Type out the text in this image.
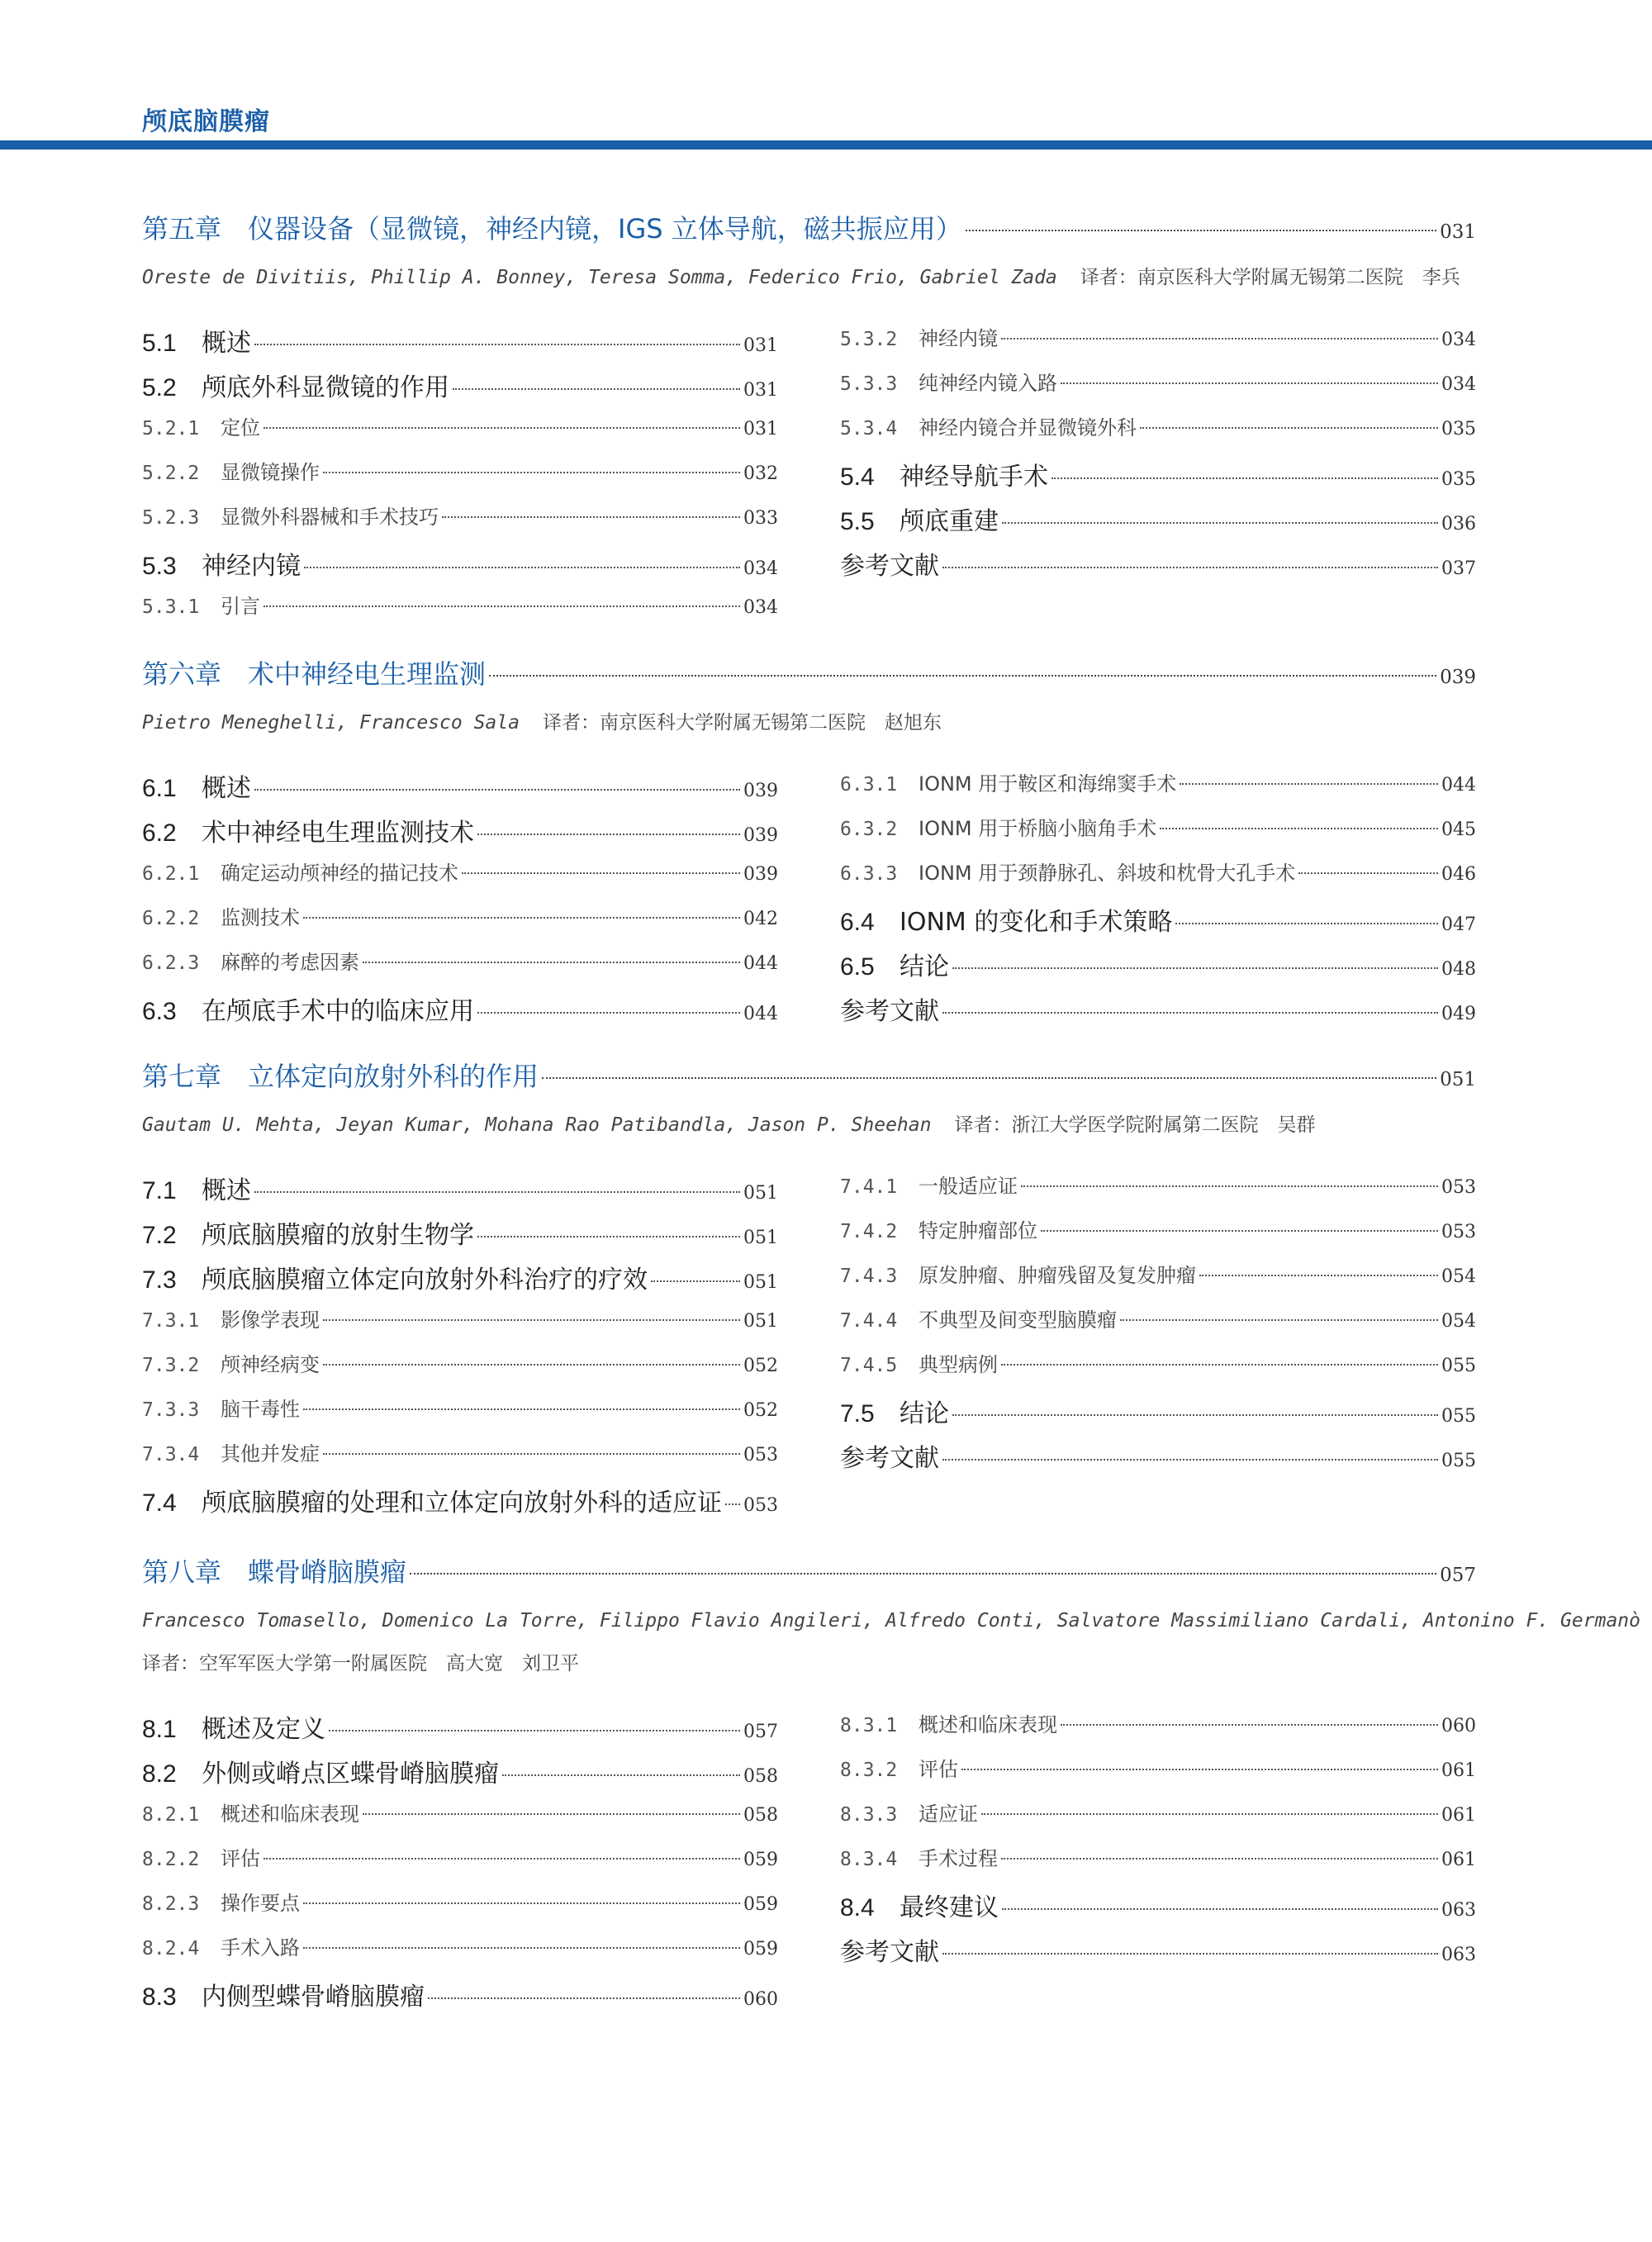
颅底脑膜瘤
第五章　仪器设备（显微镜，神经内镜，IGS 立体导航，磁共振应用）	031
Oreste de Divitiis, Phillip A. Bonney, Teresa Somma, Federico Frio, Gabriel Zada 译者：南京医科大学附属无锡第二医院　李兵
5.1	概述	031
5.2	颅底外科显微镜的作用	031
5.2.1	定位	031
5.2.2	显微镜操作	032
5.2.3	显微外科器械和手术技巧	033
5.3	神经内镜	034
5.3.1	引言	034
5.3.2	神经内镜	034
5.3.3	纯神经内镜入路	034
5.3.4	神经内镜合并显微镜外科	035
5.4	神经导航手术	035
5.5	颅底重建	036
参考文献	037
第六章　术中神经电生理监测	039
Pietro Meneghelli, Francesco Sala 译者：南京医科大学附属无锡第二医院　赵旭东
6.1	概述	039
6.2	术中神经电生理监测技术	039
6.2.1	确定运动颅神经的描记技术	039
6.2.2	监测技术	042
6.2.3	麻醉的考虑因素	044
6.3	在颅底手术中的临床应用	044
6.3.1	IONM 用于鞍区和海绵窦手术	044
6.3.2	IONM 用于桥脑小脑角手术	045
6.3.3	IONM 用于颈静脉孔、斜坡和枕骨大孔手术	046
6.4	IONM 的变化和手术策略	047
6.5	结论	048
参考文献	049
第七章　立体定向放射外科的作用	051
Gautam U. Mehta, Jeyan Kumar, Mohana Rao Patibandla, Jason P. Sheehan 译者：浙江大学医学院附属第二医院　吴群
7.1	概述	051
7.2	颅底脑膜瘤的放射生物学	051
7.3	颅底脑膜瘤立体定向放射外科治疗的疗效	051
7.3.1	影像学表现	051
7.3.2	颅神经病变	052
7.3.3	脑干毒性	052
7.3.4	其他并发症	053
7.4	颅底脑膜瘤的处理和立体定向放射外科的适应证 053
7.4.1	一般适应证	053
7.4.2	特定肿瘤部位	053
7.4.3	原发肿瘤、肿瘤残留及复发肿瘤	054
7.4.4	不典型及间变型脑膜瘤	054
7.4.5	典型病例	055
7.5	结论	055
参考文献	055
第八章　蝶骨嵴脑膜瘤	057
Francesco Tomasello, Domenico La Torre, Filippo Flavio Angileri, Alfredo Conti, Salvatore Massimiliano Cardali, Antonino F. Germanò
译者：空军军医大学第一附属医院　高大宽　刘卫平
8.1	概述及定义	057
8.2	外侧或嵴点区蝶骨嵴脑膜瘤	058
8.2.1	概述和临床表现	058
8.2.2	评估	059
8.2.3	操作要点	059
8.2.4	手术入路	059
8.3	内侧型蝶骨嵴脑膜瘤	060
8.3.1	概述和临床表现	060
8.3.2	评估	061
8.3.3	适应证	061
8.3.4	手术过程	061
8.4	最终建议	063
参考文献	063
